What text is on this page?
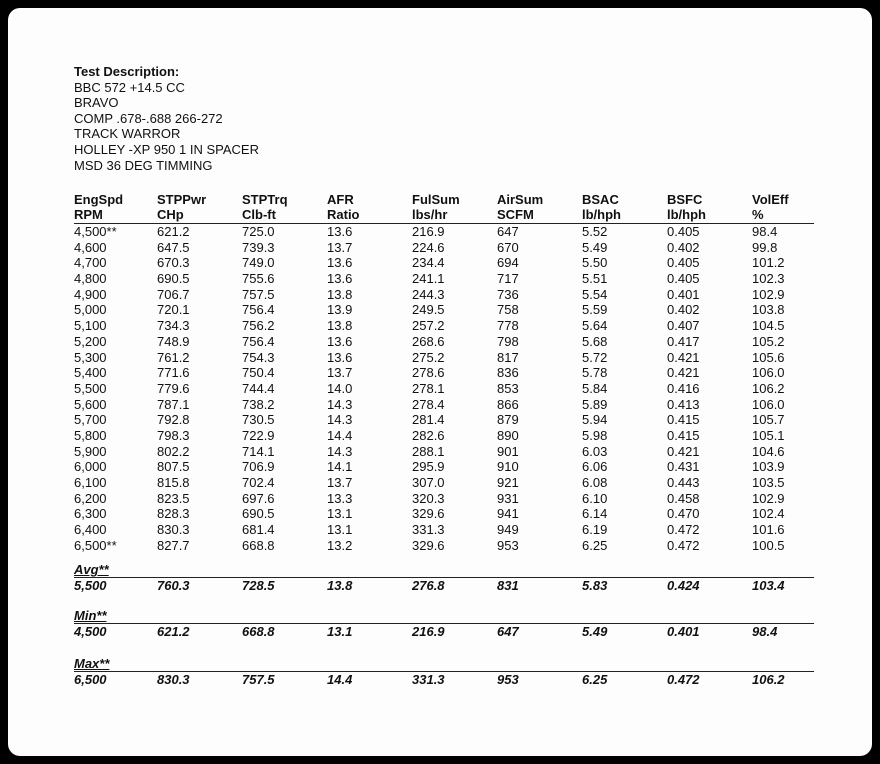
Test Description:
BBC 572 +14.5 CC
BRAVO
COMP .678-.688 266-272
TRACK WARROR
HOLLEY -XP 950 1 IN SPACER
MSD 36 DEG TIMMING
EngSpd	STPPwr	STPTrq	AFR	FulSum	AirSum	BSAC	BSFC	VolEff
RPM	CHp	Clb-ft	Ratio	lbs/hr	SCFM	lb/hph	lb/hph	%
4,500**	621.2	725.0	13.6	216.9	647	5.52	0.405	98.4
4,600	647.5	739.3	13.7	224.6	670	5.49	0.402	99.8
4,700	670.3	749.0	13.6	234.4	694	5.50	0.405	101.2
4,800	690.5	755.6	13.6	241.1	717	5.51	0.405	102.3
4,900	706.7	757.5	13.8	244.3	736	5.54	0.401	102.9
5,000	720.1	756.4	13.9	249.5	758	5.59	0.402	103.8
5,100	734.3	756.2	13.8	257.2	778	5.64	0.407	104.5
5,200	748.9	756.4	13.6	268.6	798	5.68	0.417	105.2
5,300	761.2	754.3	13.6	275.2	817	5.72	0.421	105.6
5,400	771.6	750.4	13.7	278.6	836	5.78	0.421	106.0
5,500	779.6	744.4	14.0	278.1	853	5.84	0.416	106.2
5,600	787.1	738.2	14.3	278.4	866	5.89	0.413	106.0
5,700	792.8	730.5	14.3	281.4	879	5.94	0.415	105.7
5,800	798.3	722.9	14.4	282.6	890	5.98	0.415	105.1
5,900	802.2	714.1	14.3	288.1	901	6.03	0.421	104.6
6,000	807.5	706.9	14.1	295.9	910	6.06	0.431	103.9
6,100	815.8	702.4	13.7	307.0	921	6.08	0.443	103.5
6,200	823.5	697.6	13.3	320.3	931	6.10	0.458	102.9
6,300	828.3	690.5	13.1	329.6	941	6.14	0.470	102.4
6,400	830.3	681.4	13.1	331.3	949	6.19	0.472	101.6
6,500**	827.7	668.8	13.2	329.6	953	6.25	0.472	100.5
Avg**
5,500	760.3	728.5	13.8	276.8	831	5.83	0.424	103.4
Min**
4,500	621.2	668.8	13.1	216.9	647	5.49	0.401	98.4
Max**
6,500	830.3	757.5	14.4	331.3	953	6.25	0.472	106.2
